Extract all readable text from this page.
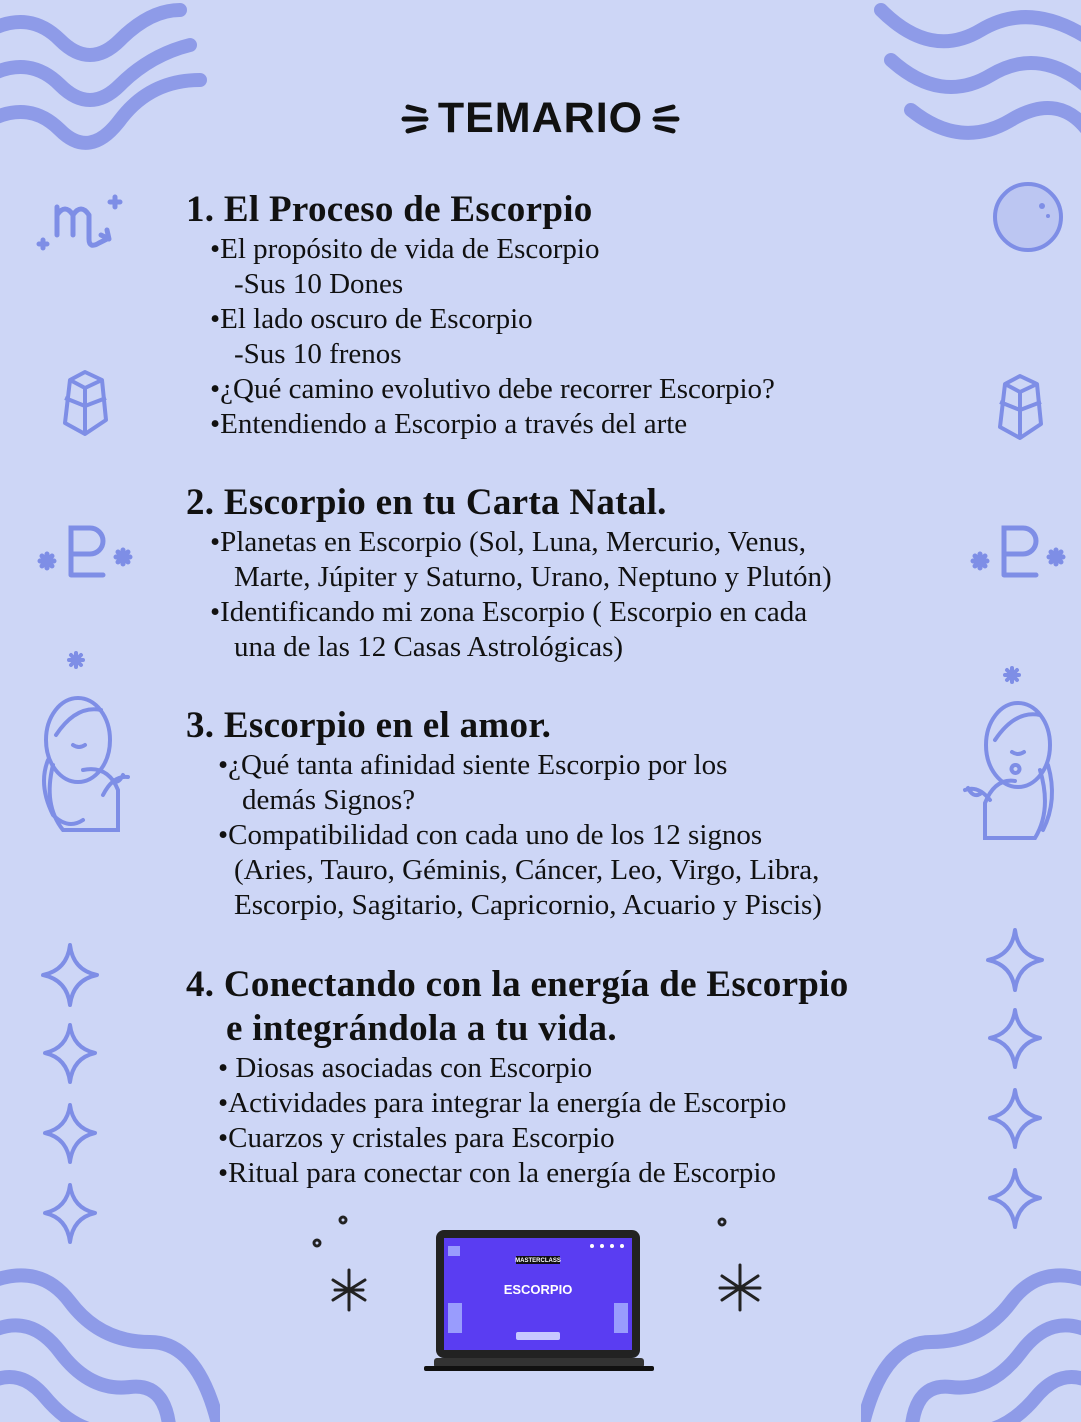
TEMARIO
1. El Proceso de Escorpio
•El propósito de vida de Escorpio
-Sus 10 Dones
•El lado oscuro de Escorpio
-Sus 10 frenos
•¿Qué camino evolutivo debe recorrer Escorpio?
•Entendiendo a Escorpio a través del arte
2. Escorpio en tu Carta Natal.
•Planetas en Escorpio (Sol, Luna, Mercurio, Venus,
Marte, Júpiter y Saturno, Urano, Neptuno y Plutón)
•Identificando mi zona Escorpio ( Escorpio en cada
una de las 12 Casas Astrológicas)
3. Escorpio en el amor.
•¿Qué tanta afinidad siente Escorpio por los
demás Signos?
•Compatibilidad con cada uno de los 12 signos
(Aries, Tauro, Géminis, Cáncer, Leo, Virgo, Libra,
Escorpio, Sagitario, Capricornio, Acuario y Piscis)
4. Conectando con la energía de Escorpio
e integrándola a tu vida.
• Diosas asociadas con Escorpio
•Actividades para integrar la energía de Escorpio
•Cuarzos y cristales para Escorpio
•Ritual para conectar con la energía de Escorpio
MASTERCLASS
ESCORPIO
